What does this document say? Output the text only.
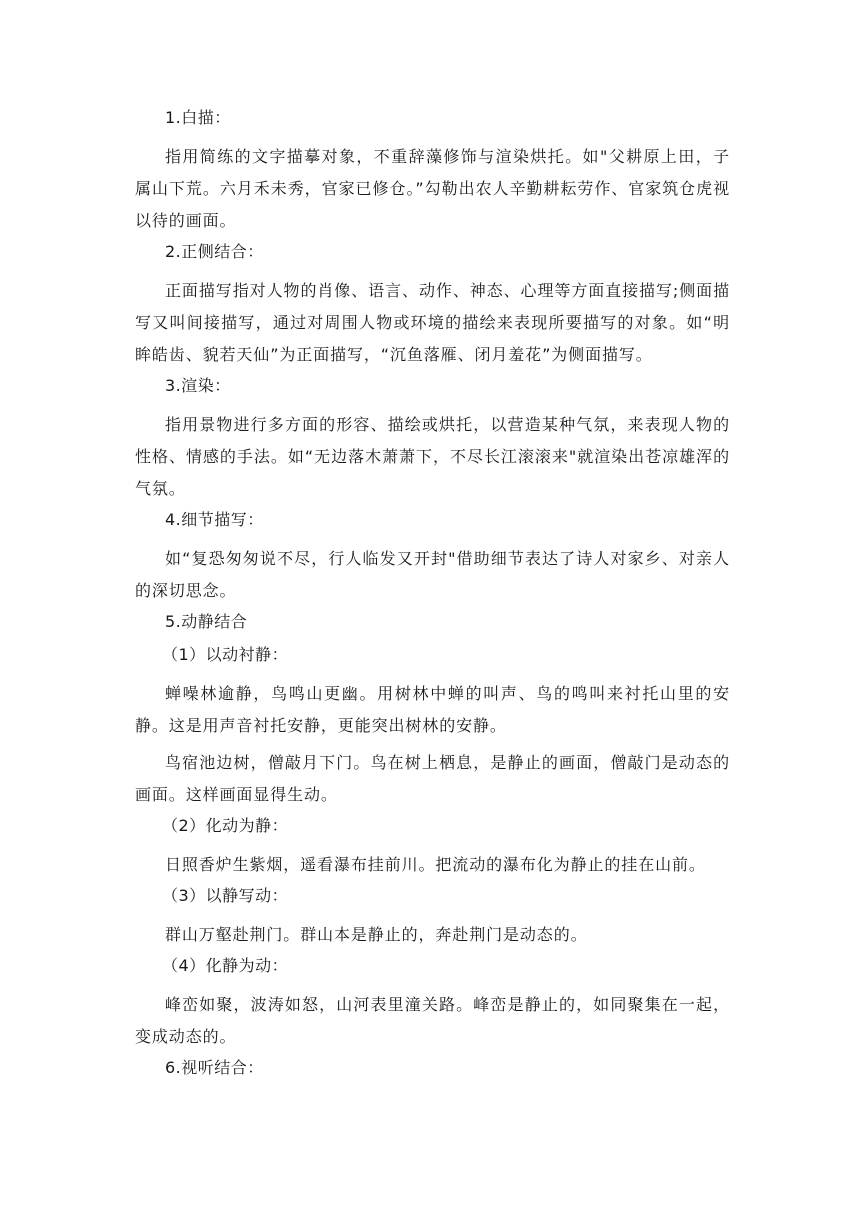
1.白描：

指用简练的文字描摹对象，不重辞藻修饰与渲染烘托。如"父耕原上田，子属山下荒。六月禾未秀，官家已修仓。”勾勒出农人辛勤耕耘劳作、官家筑仓虎视以待的画面。

2.正侧结合：

正面描写指对人物的肖像、语言、动作、神态、心理等方面直接描写;侧面描写又叫间接描写，通过对周围人物或环境的描绘来表现所要描写的对象。如“明眸皓齿、貌若天仙”为正面描写，“沉鱼落雁、闭月羞花”为侧面描写。

3.渲染：

指用景物进行多方面的形容、描绘或烘托，以营造某种气氛，来表现人物的性格、情感的手法。如“无边落木萧萧下，不尽长江滚滚来"就渲染出苍凉雄浑的气氛。

4.细节描写：

如“复恐匆匆说不尽，行人临发又开封"借助细节表达了诗人对家乡、对亲人的深切思念。

5.动静结合
（1）以动衬静：

蝉噪林逾静，鸟鸣山更幽。用树林中蝉的叫声、鸟的鸣叫来衬托山里的安静。这是用声音衬托安静，更能突出树林的安静。

鸟宿池边树，僧敲月下门。鸟在树上栖息，是静止的画面，僧敲门是动态的画面。这样画面显得生动。

（2）化动为静：

日照香炉生紫烟，遥看瀑布挂前川。把流动的瀑布化为静止的挂在山前。

（3）以静写动：

群山万壑赴荆门。群山本是静止的，奔赴荆门是动态的。

（4）化静为动：

峰峦如聚，波涛如怒，山河表里潼关路。峰峦是静止的，如同聚集在一起，变成动态的。

6.视听结合：
